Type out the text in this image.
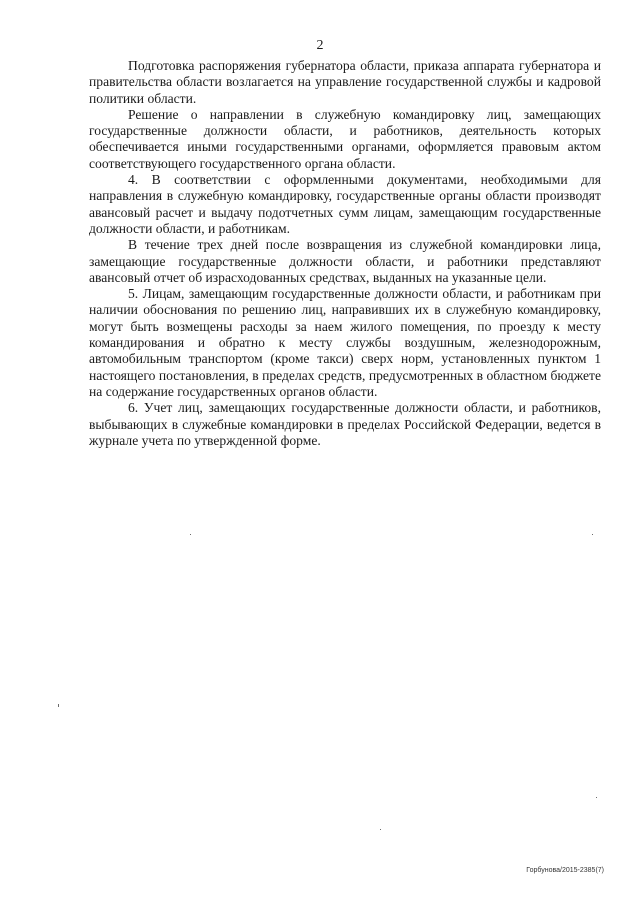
2

Подготовка распоряжения губернатора области, приказа аппарата губернатора и правительства области возлагается на управление государственной службы и кадровой политики области.

Решение о направлении в служебную командировку лиц, замещающих государственные должности области, и работников, деятельность которых обеспечивается иными государственными органами, оформляется правовым актом соответствующего государственного органа области.

4. В соответствии с оформленными документами, необходимыми для направления в служебную командировку, государственные органы области производят авансовый расчет и выдачу подотчетных сумм лицам, замещающим государственные должности области, и работникам.

В течение трех дней после возвращения из служебной командировки лица, замещающие государственные должности области, и работники представляют авансовый отчет об израсходованных средствах, выданных на указанные цели.

5. Лицам, замещающим государственные должности области, и работникам при наличии обоснования по решению лиц, направивших их в служебную командировку, могут быть возмещены расходы за наем жилого помещения, по проезду к месту командирования и обратно к месту службы воздушным, железнодорожным, автомобильным транспортом (кроме такси) сверх норм, установленных пунктом 1 настоящего постановления, в пределах средств, предусмотренных в областном бюджете на содержание государственных органов области.

6. Учет лиц, замещающих государственные должности области, и работников, выбывающих в служебные командировки в пределах Российской Федерации, ведется в журнале учета по утвержденной форме.

Горбунова/2015-2385(7)
